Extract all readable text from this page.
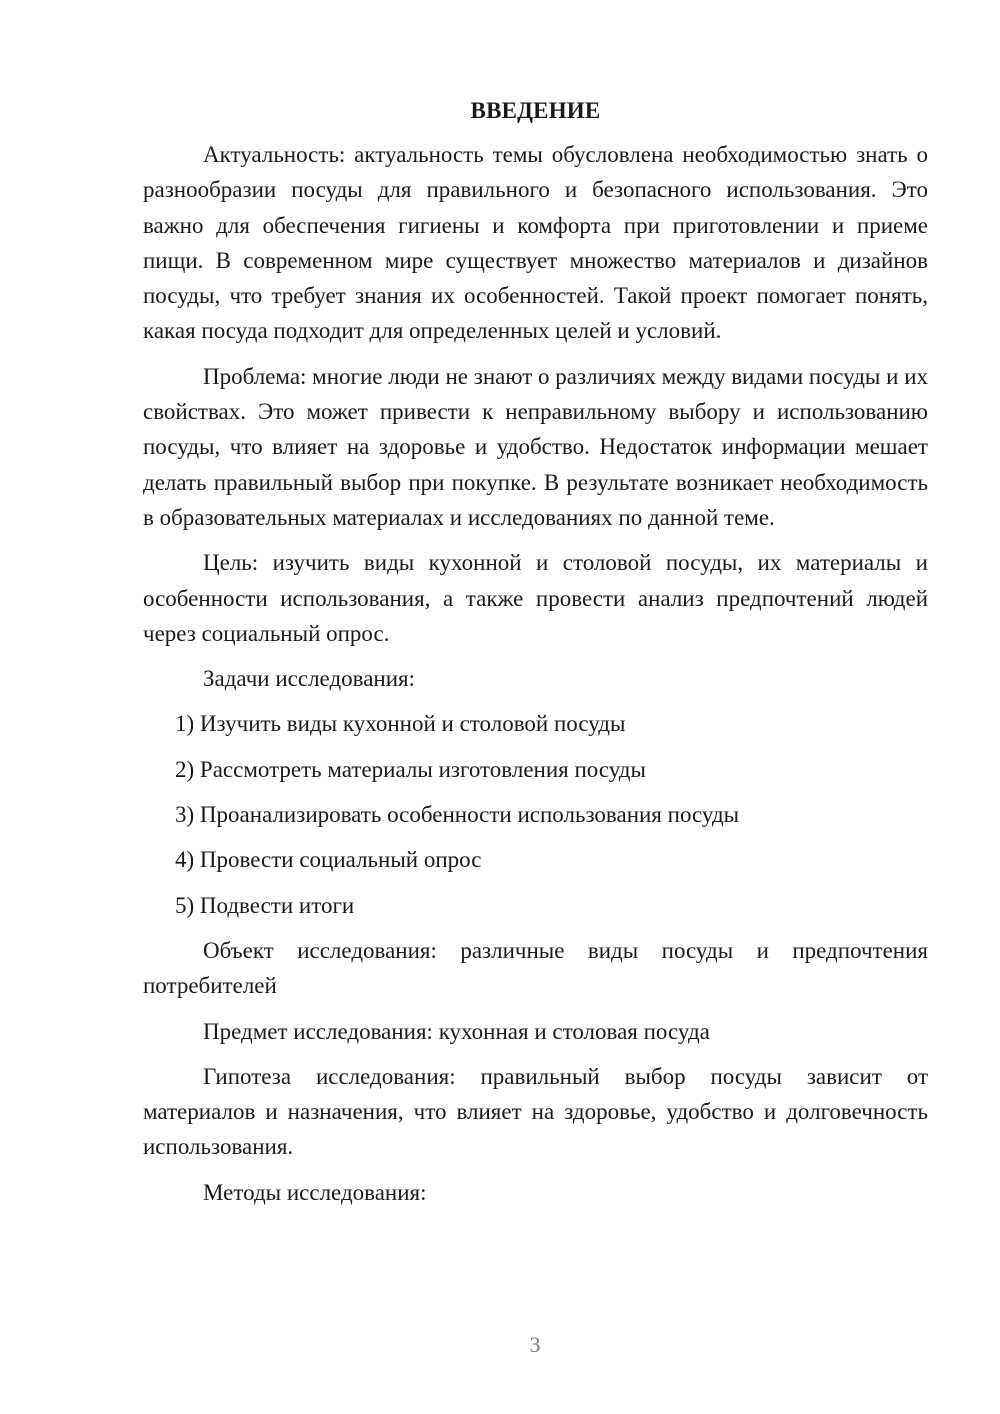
ВВЕДЕНИЕ

Актуальность: актуальность темы обусловлена необходимостью знать о разнообразии посуды для правильного и безопасного использования. Это важно для обеспечения гигиены и комфорта при приготовлении и приеме пищи. В современном мире существует множество материалов и дизайнов посуды, что требует знания их особенностей. Такой проект помогает понять, какая посуда подходит для определенных целей и условий.

Проблема: многие люди не знают о различиях между видами посуды и их свойствах. Это может привести к неправильному выбору и использованию посуды, что влияет на здоровье и удобство. Недостаток информации мешает делать правильный выбор при покупке. В результате возникает необходимость в образовательных материалах и исследованиях по данной теме.

Цель: изучить виды кухонной и столовой посуды, их материалы и особенности использования, а также провести анализ предпочтений людей через социальный опрос.

Задачи исследования:

1) Изучить виды кухонной и столовой посуды
2) Рассмотреть материалы изготовления посуды
3) Проанализировать особенности использования посуды
4) Провести социальный опрос
5) Подвести итоги

Объект исследования: различные виды посуды и предпочтения потребителей

Предмет исследования: кухонная и столовая посуда

Гипотеза исследования: правильный выбор посуды зависит от материалов и назначения, что влияет на здоровье, удобство и долговечность использования.

Методы исследования:

3
